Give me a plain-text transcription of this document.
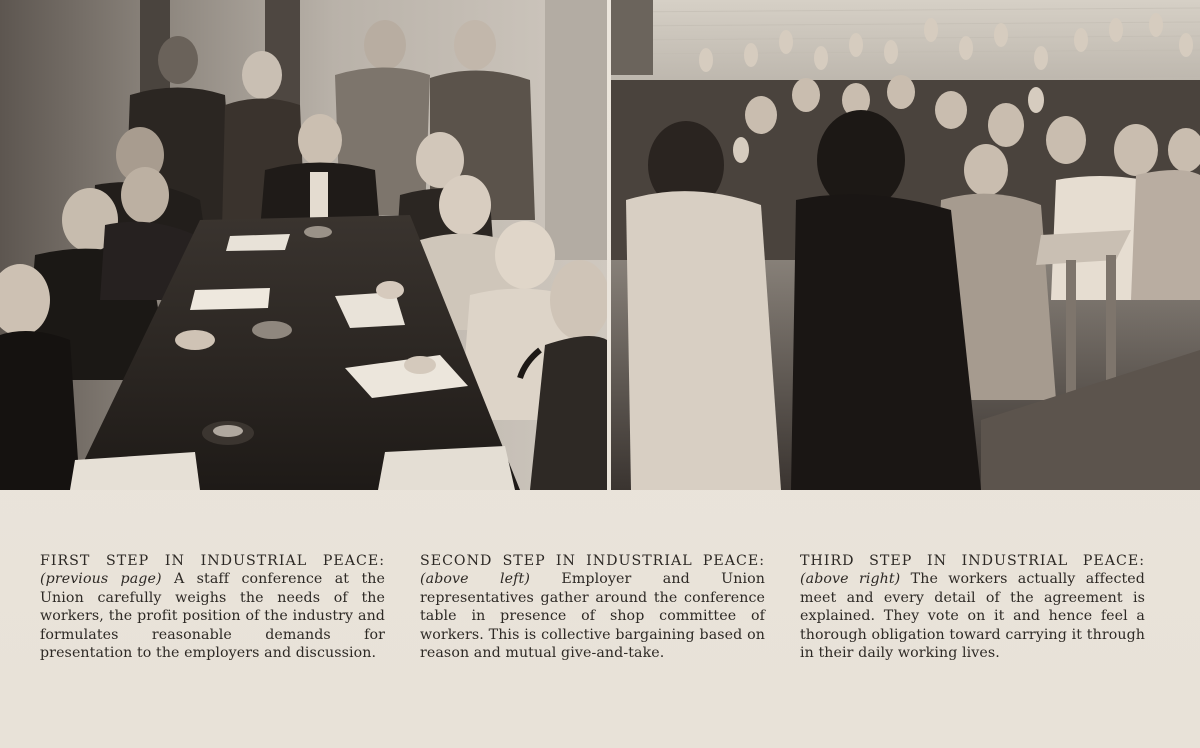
FIRST STEP IN INDUSTRIAL PEACE: (previous page) A staff conference at the Union carefully weighs the needs of the workers, the profit position of the industry and formulates reasonable demands for presentation to the employers and discussion.
SECOND STEP IN INDUSTRIAL PEACE: (above left) Employer and Union representatives gather around the conference table in presence of shop committee of workers. This is collective bargaining based on reason and mutual give-and-take.
THIRD STEP IN INDUSTRIAL PEACE: (above right) The workers actually affected meet and every detail of the agreement is explained. They vote on it and hence feel a thorough obligation toward carrying it through in their daily working lives.
